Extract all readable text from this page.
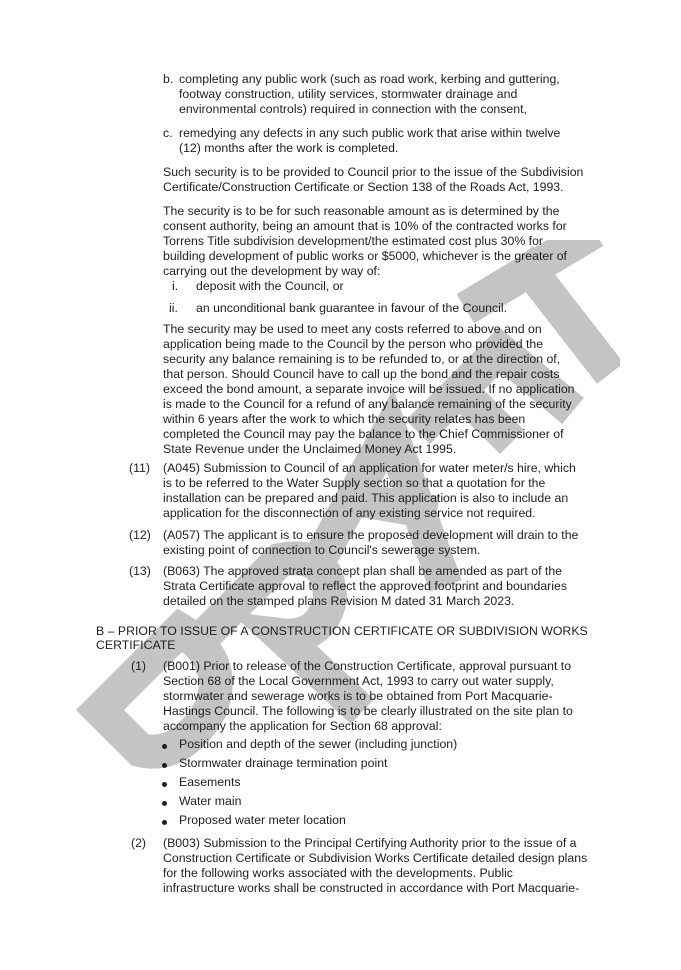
b. completing any public work (such as road work, kerbing and guttering,
footway construction, utility services, stormwater drainage and
environmental controls) required in connection with the consent,
c. remedying any defects in any such public work that arise within twelve
(12) months after the work is completed.
Such security is to be provided to Council prior to the issue of the Subdivision
Certificate/Construction Certificate or Section 138 of the Roads Act, 1993.
The security is to be for such reasonable amount as is determined by the
consent authority, being an amount that is 10% of the contracted works for
Torrens Title subdivision development/the estimated cost plus 30% for
building development of public works or $5000, whichever is the greater of
carrying out the development by way of:
i. deposit with the Council, or
ii. an unconditional bank guarantee in favour of the Council.
The security may be used to meet any costs referred to above and on
application being made to the Council by the person who provided the
security any balance remaining is to be refunded to, or at the direction of,
that person. Should Council have to call up the bond and the repair costs
exceed the bond amount, a separate invoice will be issued. If no application
is made to the Council for a refund of any balance remaining of the security
within 6 years after the work to which the security relates has been
completed the Council may pay the balance to the Chief Commissioner of
State Revenue under the Unclaimed Money Act 1995.
(11) (A045) Submission to Council of an application for water meter/s hire, which
is to be referred to the Water Supply section so that a quotation for the
installation can be prepared and paid. This application is also to include an
application for the disconnection of any existing service not required.
(12) (A057) The applicant is to ensure the proposed development will drain to the
existing point of connection to Council's sewerage system.
(13) (B063) The approved strata concept plan shall be amended as part of the
Strata Certificate approval to reflect the approved footprint and boundaries
detailed on the stamped plans Revision M dated 31 March 2023.
B – PRIOR TO ISSUE OF A CONSTRUCTION CERTIFICATE OR SUBDIVISION WORKS
CERTIFICATE
(1) (B001) Prior to release of the Construction Certificate, approval pursuant to
Section 68 of the Local Government Act, 1993 to carry out water supply,
stormwater and sewerage works is to be obtained from Port Macquarie-
Hastings Council. The following is to be clearly illustrated on the site plan to
accompany the application for Section 68 approval:
Position and depth of the sewer (including junction)
Stormwater drainage termination point
Easements
Water main
Proposed water meter location
(2) (B003) Submission to the Principal Certifying Authority prior to the issue of a
Construction Certificate or Subdivision Works Certificate detailed design plans
for the following works associated with the developments. Public
infrastructure works shall be constructed in accordance with Port Macquarie-
